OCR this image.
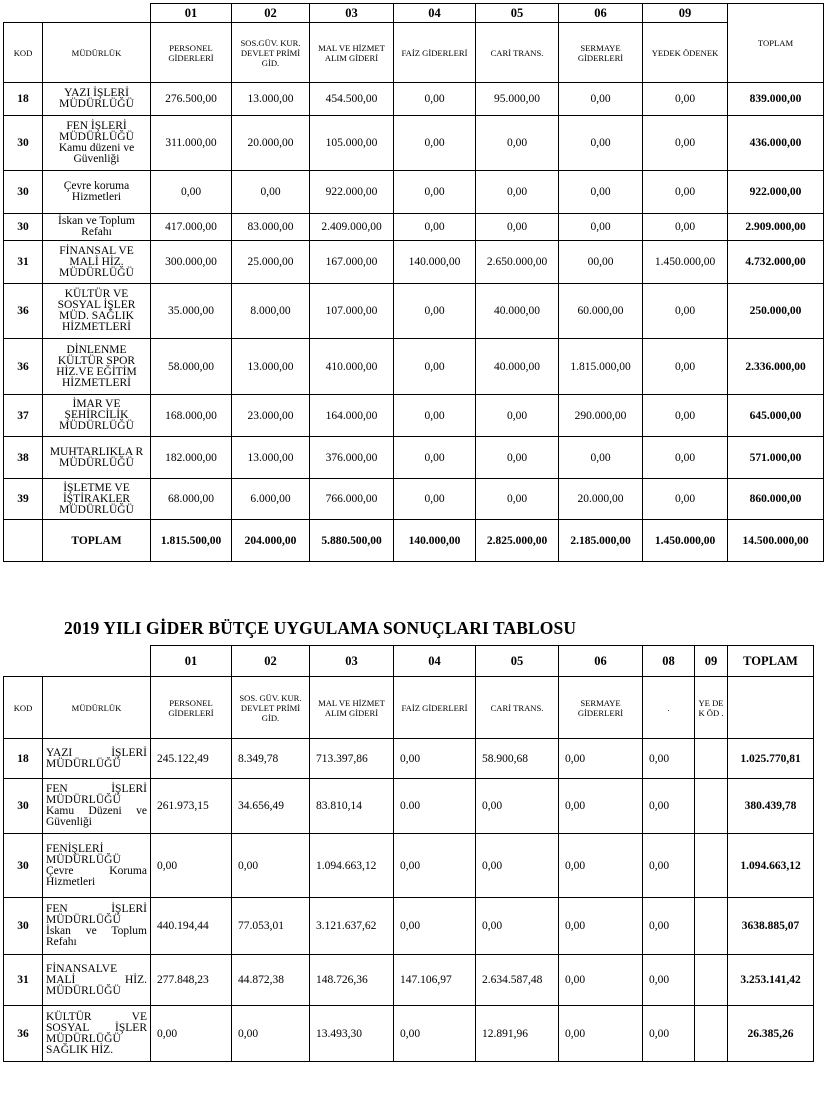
		01	02	03	04	05	06	09	TOPLAM
KOD	MÜDÜRLÜK	PERSONEL GİDERLERİ	SOS.GÜV. KUR. DEVLET PRİMİ GİD.	MAL VE HİZMET ALIM GİDERİ	FAİZ GİDERLERİ	CARİ TRANS.	SERMAYE GİDERLERİ	YEDEK ÖDENEK	
18	YAZI İŞLERİ MÜDÜRLÜĞÜ	276.500,00	13.000,00	454.500,00	0,00	95.000,00	0,00	0,00	839.000,00
30	FEN İŞLERİ MÜDÜRLÜĞÜ Kamu düzeni ve Güvenliği	311.000,00	20.000,00	105.000,00	0,00	0,00	0,00	0,00	436.000,00
30	Çevre koruma Hizmetleri	0,00	0,00	922.000,00	0,00	0,00	0,00	0,00	922.000,00
30	İskan ve Toplum Refahı	417.000,00	83.000,00	2.409.000,00	0,00	0,00	0,00	0,00	2.909.000,00
31	FİNANSAL VE MALİ HİZ. MÜDÜRLÜĞÜ	300.000,00	25.000,00	167.000,00	140.000,00	2.650.000,00	00,00	1.450.000,00	4.732.000,00
36	KÜLTÜR VE SOSYAL İŞLER MÜD. SAĞLIK HİZMETLERİ	35.000,00	8.000,00	107.000,00	0,00	40.000,00	60.000,00	0,00	250.000,00
36	DİNLENME KÜLTÜR SPOR HİZ.VE EĞİTİM HİZMETLERİ	58.000,00	13.000,00	410.000,00	0,00	40.000,00	1.815.000,00	0,00	2.336.000,00
37	İMAR VE ŞEHİRCİLİK MÜDÜRLÜĞÜ	168.000,00	23.000,00	164.000,00	0,00	0,00	290.000,00	0,00	645.000,00
38	MUHTARLIKLA R MÜDÜRLÜĞÜ	182.000,00	13.000,00	376.000,00	0,00	0,00	0,00	0,00	571.000,00
39	İŞLETME VE İŞTİRAKLER MÜDÜRLÜĞÜ	68.000,00	6.000,00	766.000,00	0,00	0,00	20.000,00	0,00	860.000,00
	TOPLAM	1.815.500,00	204.000,00	5.880.500,00	140.000,00	2.825.000,00	2.185.000,00	1.450.000,00	14.500.000,00
2019 YILI GİDER BÜTÇE UYGULAMA SONUÇLARI TABLOSU
		01	02	03	04	05	06	08	09	TOPLAM
KOD	MÜDÜRLÜK	PERSONEL GİDERLERİ	SOS. GÜV. KUR. DEVLET PRİMİ GİD.	MAL VE HİZMET ALIM GİDERİ	FAİZ GİDERLERİ	CARİ TRANS.	SERMAYE GİDERLERİ	.	YE DE K ÖD .	
18	YAZI İŞLERİ MÜDÜRLÜĞÜ	245.122,49	8.349,78	713.397,86	0,00	58.900,68	0,00	0,00		1.025.770,81
30	FEN İŞLERİ MÜDÜRLÜĞÜ Kamu Düzeni ve Güvenliği	261.973,15	34.656,49	83.810,14	0.00	0,00	0,00	0,00		380.439,78
30	FENİŞLERİ MÜDÜRLÜĞÜ Çevre Koruma Hizmetleri	0,00	0,00	1.094.663,12	0,00	0,00	0,00	0,00		1.094.663,12
30	FEN İŞLERİ MÜDÜRLÜĞÜ İskan ve Toplum Refahı	440.194,44	77.053,01	3.121.637,62	0,00	0,00	0,00	0,00		3638.885,07
31	FİNANSALVE MALİ HİZ. MÜDÜRLÜĞÜ	277.848,23	44.872,38	148.726,36	147.106,97	2.634.587,48	0,00	0,00		3.253.141,42
36	KÜLTÜR VE SOSYAL İŞLER MÜDÜRLÜĞÜ SAĞLIK HİZ.	0,00	0,00	13.493,30	0,00	12.891,96	0,00	0,00		26.385,26
